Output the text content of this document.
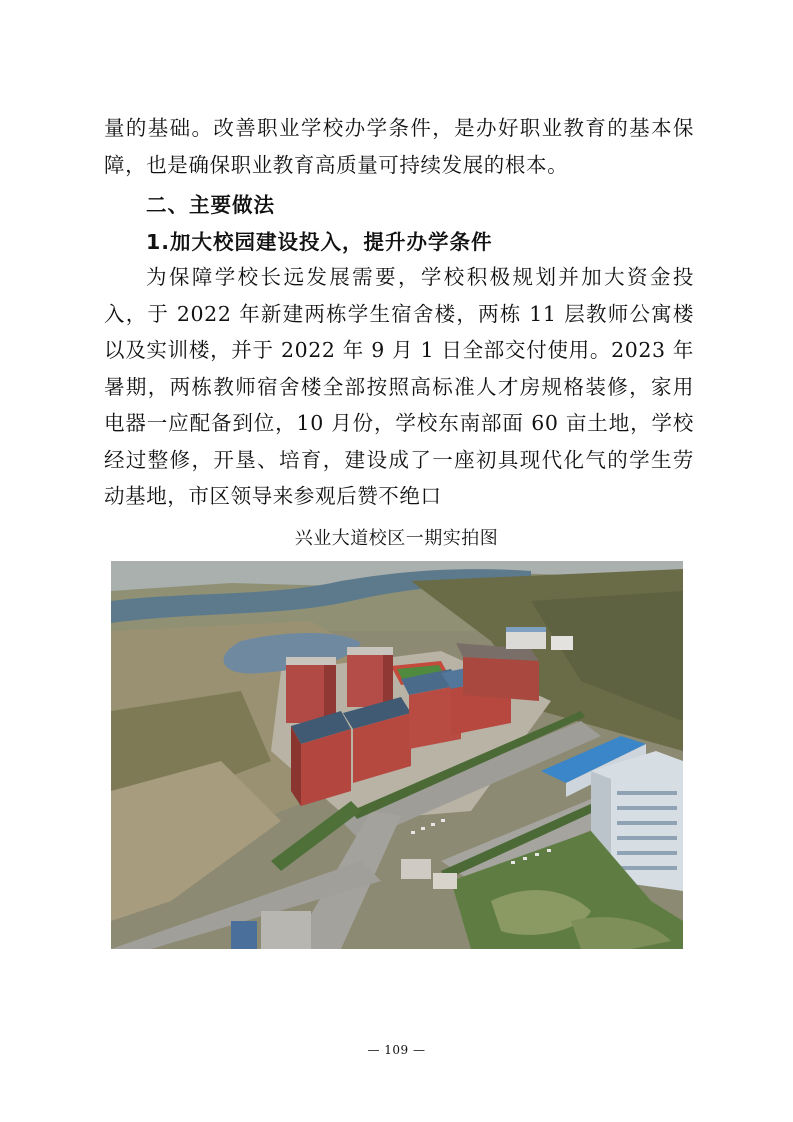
量的基础。改善职业学校办学条件，是办好职业教育的基本保障，也是确保职业教育高质量可持续发展的根本。

二、主要做法
1.加大校园建设投入，提升办学条件

为保障学校长远发展需要，学校积极规划并加大资金投入，于 2022 年新建两栋学生宿舍楼，两栋 11 层教师公寓楼以及实训楼，并于 2022 年 9 月 1 日全部交付使用。2023 年暑期，两栋教师宿舍楼全部按照高标准人才房规格装修，家用电器一应配备到位，10 月份，学校东南部面 60 亩土地，学校经过整修，开垦、培育，建设成了一座初具现代化气的学生劳动基地，市区领导来参观后赞不绝口

兴业大道校区一期实拍图
— 109 —
